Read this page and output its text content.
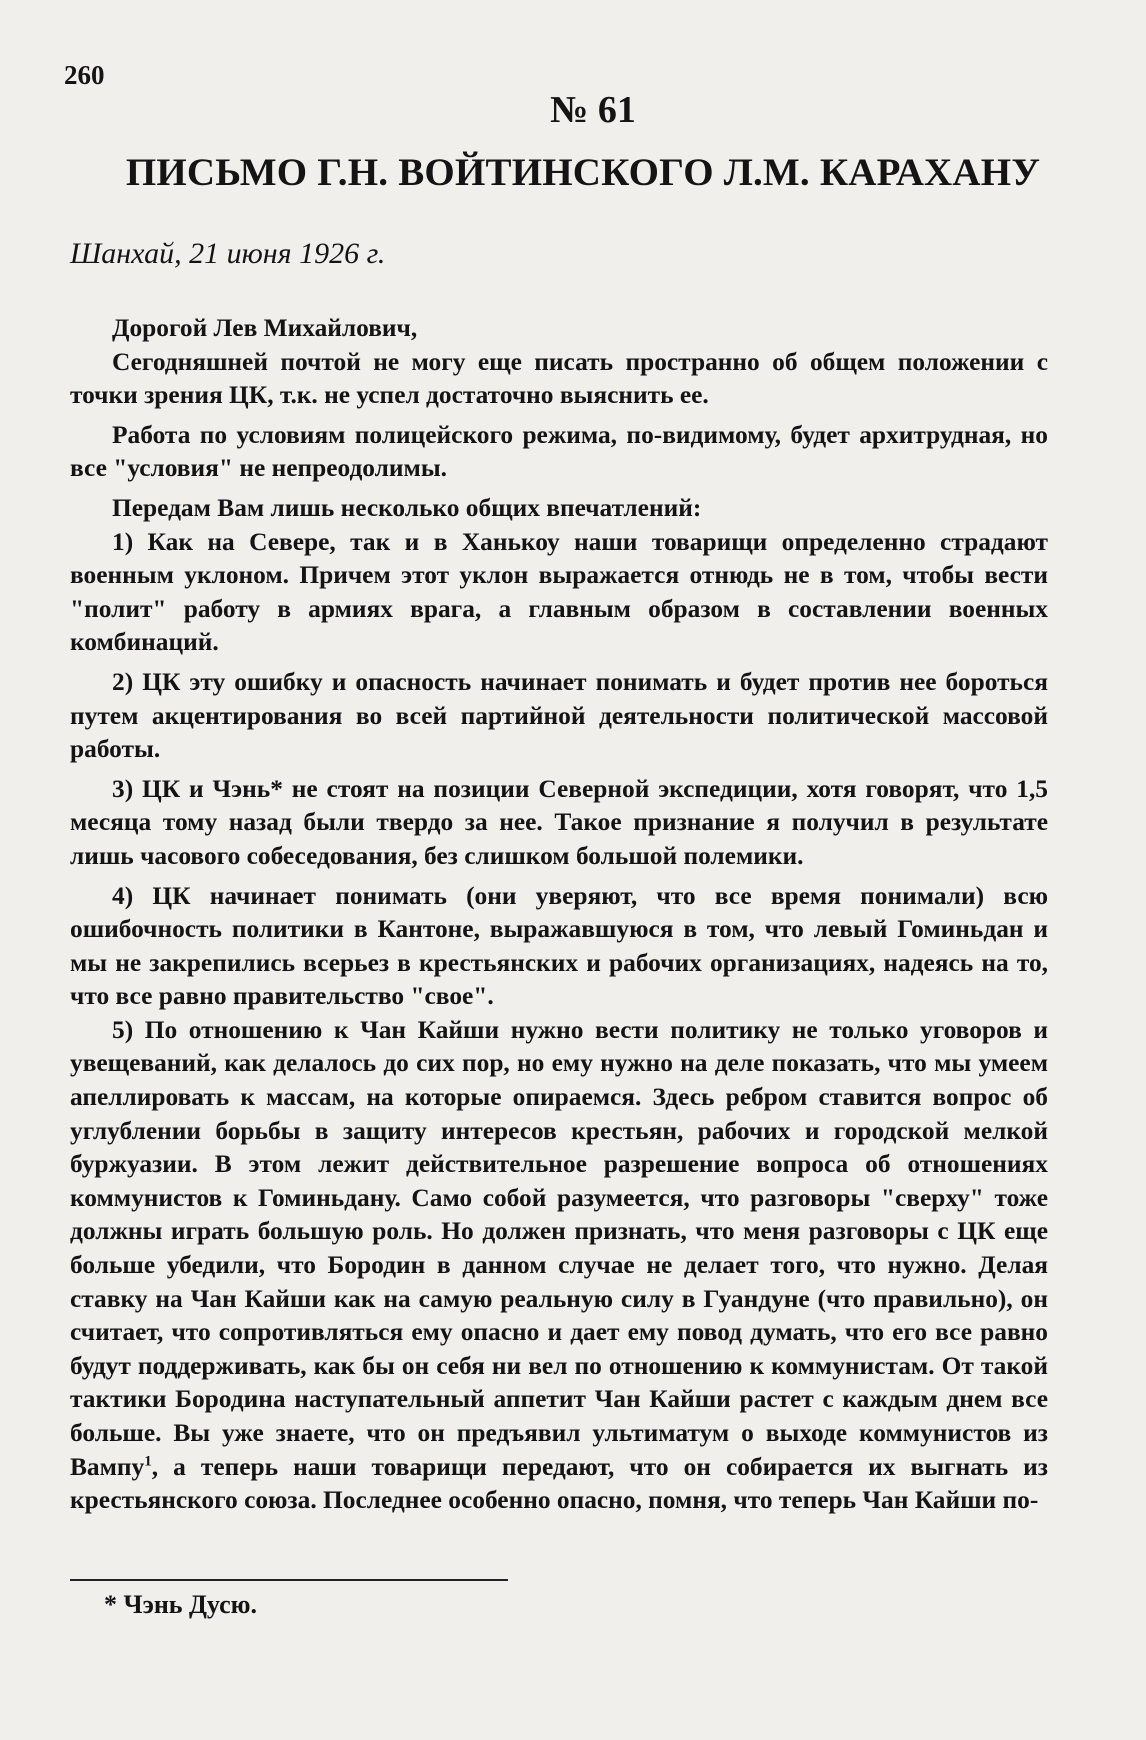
260
№ 61
ПИСЬМО Г.Н. ВОЙТИНСКОГО Л.М. КАРАХАНУ
Шанхай, 21 июня 1926 г.

Дорогой Лев Михайлович,

Сегодняшней почтой не могу еще писать пространно об общем положении с точки зрения ЦК, т.к. не успел достаточно выяснить ее.

Работа по условиям полицейского режима, по-видимому, будет архитрудная, но все "условия" не непреодолимы.

Передам Вам лишь несколько общих впечатлений:

1) Как на Севере, так и в Ханькоу наши товарищи определенно страдают военным уклоном. Причем этот уклон выражается отнюдь не в том, чтобы вести "полит" работу в армиях врага, а главным образом в составлении военных комбинаций.

2) ЦК эту ошибку и опасность начинает понимать и будет против нее бороться путем акцентирования во всей партийной деятельности политической массовой работы.

3) ЦК и Чэнь* не стоят на позиции Северной экспедиции, хотя говорят, что 1,5 месяца тому назад были твердо за нее. Такое признание я получил в результате лишь часового собеседования, без слишком большой полемики.

4) ЦК начинает понимать (они уверяют, что все время понимали) всю ошибочность политики в Кантоне, выражавшуюся в том, что левый Гоминьдан и мы не закрепились всерьез в крестьянских и рабочих организациях, надеясь на то, что все равно правительство "свое".

5) По отношению к Чан Кайши нужно вести политику не только уговоров и увещеваний, как делалось до сих пор, но ему нужно на деле показать, что мы умеем апеллировать к массам, на которые опираемся. Здесь ребром ставится вопрос об углублении борьбы в защиту интересов крестьян, рабочих и городской мелкой буржуазии. В этом лежит действительное разрешение вопроса об отношениях коммунистов к Гоминьдану. Само собой разумеется, что разговоры "сверху" тоже должны играть большую роль. Но должен признать, что меня разговоры с ЦК еще больше убедили, что Бородин в данном случае не делает того, что нужно. Делая ставку на Чан Кайши как на самую реальную силу в Гуандуне (что правильно), он считает, что сопротивляться ему опасно и дает ему повод думать, что его все равно будут поддерживать, как бы он себя ни вел по отношению к коммунистам. От такой тактики Бородина наступательный аппетит Чан Кайши растет с каждым днем все больше. Вы уже знаете, что он предъявил ультиматум о выходе коммунистов из Вампу$^1$, а теперь наши товарищи передают, что он собирается их выгнать из крестьянского союза. Последнее особенно опасно, помня, что теперь Чан Кайши по-

* Чэнь Дусю.
